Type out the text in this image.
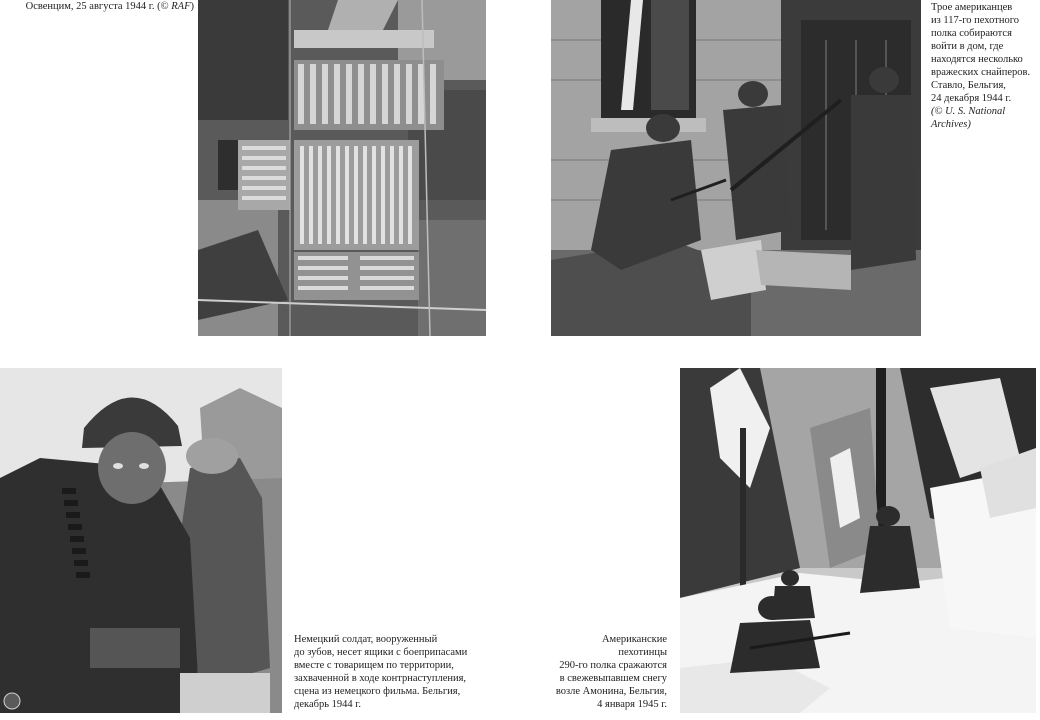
Освенцим, 25 августа 1944 г. (© RAF)	Трое американцев
из 117-го пехотного
полка собираются
войти в дом, где
находятся несколько
вражеских снайперов.
Ставло, Бельгия,
24 декабря 1944 г.
(© U. S. National
Archives)

Немецкий солдат, вооруженный
до зубов, несет ящики с боеприпасами
вместе с товарищем по территории,
захваченной в ходе контрнаступления,
сцена из немецкого фильма. Бельгия,
декабрь 1944 г.

Американские
пехотинцы
290-го полка сражаются
в свежевыпавшем снегу
возле Амонина, Бельгия,
4 января 1945 г.
